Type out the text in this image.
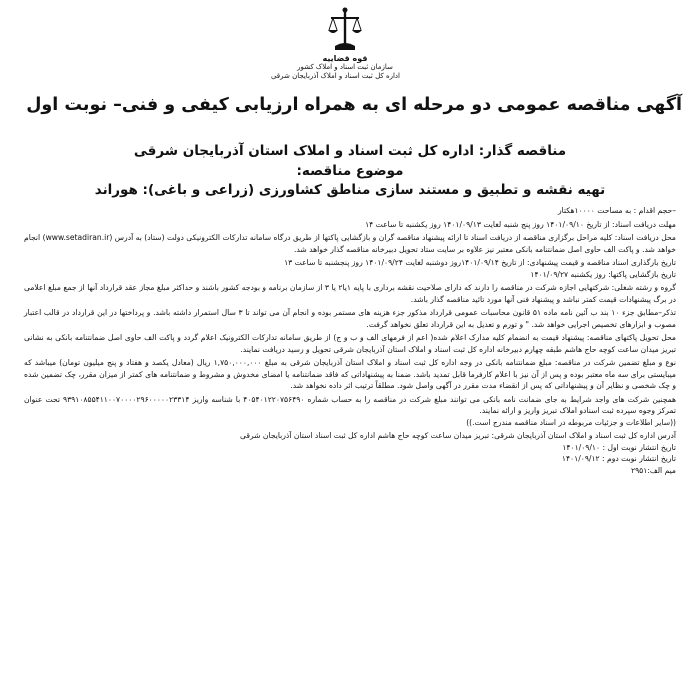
قوه قضاییه
سازمان ثبت اسناد و املاک کشور
اداره کل ثبت اسناد و املاک آذربایجان شرقی
آگهی مناقصه عمومی دو مرحله ای به همراه ارزیابی کیفی و فنی– نوبت اول
مناقصه گذار: اداره کل ثبت اسناد و املاک استان آذربایجان شرقی
موضوع مناقصه:
تهیه نقشه و تطبیق و مستند سازی مناطق کشاورزی (زراعی و باغی): هوراند

–حجم اقدام : به مساحت ۱۰۰۰۰هکتار

مهلت دریافت اسناد: از تاریخ ۱۴۰۱/۰۹/۱۰ روز پنج شنبه لغایت ۱۴۰۱/۰۹/۱۳ روز یکشنبه تا ساعت ۱۴

محل دریافت اسناد: کلیه مراحل برگزاری مناقصه از دریافت اسناد تا ارائه پیشنهاد مناقصه گران و بازگشایی پاکتها از طریق درگاه سامانه تدارکات الکترونیکی دولت (ستاد) به آدرس (www.setadiran.ir) انجام خواهد شد. و پاکت الف حاوی اصل ضمانتنامه بانکی معتبر نیز علاوه بر سایت ستاد تحویل دبیرخانه مناقصه گذار خواهد شد.

تاریخ بارگذاری اسناد مناقصه و قیمت پیشنهادی: از تاریخ ۱۴۰۱/۰۹/۱۴روز دوشنبه لغایت ۱۴۰۱/۰۹/۲۴ روز پنجشنبه تا ساعت ۱۳

تاریخ بازگشایی پاکتها: روز یکشنبه ۱۴۰۱/۰۹/۲۷

گروه و رشته شغلی: شرکتهایی اجازه شرکت در مناقصه را دارند که دارای صلاحیت نقشه برداری با پایه ۱یا۲ یا ۳ از سازمان برنامه و بودجه کشور باشند و حداکثر مبلغ مجاز عقد قرارداد آنها از جمع مبلغ اعلامی در برگ پیشنهادات قیمت کمتر نباشد و پیشنهاد فنی آنها مورد تائید مناقصه گذار باشد.

تذکر–مطابق جزء ۱۰ بند ب آئین نامه ماده ۵۱ قانون محاسبات عمومی قرارداد مذکور جزء هزینه های مستمر بوده و انجام آن می تواند تا ۳ سال استمرار داشته باشد. و پرداختها در این قرارداد در قالب اعتبار مصوب و ابزارهای تخصیص اجرایی خواهد شد. " و تورم و تعدیل به این قرارداد تعلق نخواهد گرفت.

محل تحویل پاکتهای مناقصه: پیشنهاد قیمت به انضمام کلیه مدارک اعلام شده( اعم از فرمهای الف و ب و ج) از طریق سامانه تدارکات الکترونیک اعلام گردد و پاکت الف حاوی اصل ضمانتنامه بانکی به نشانی تبریز میدان ساعت کوچه حاج هاشم طبقه چهارم دبیرخانه اداره کل ثبت اسناد و املاک استان آذربایجان شرقی تحویل و رسید دریافت نمایند.

نوع و مبلغ تضمین شرکت در مناقصه: مبلغ ضمانتنامه بانکی در وجه اداره کل ثبت اسناد و املاک استان آذربایجان شرقی به مبلغ ۱,۷۵۰,۰۰۰,۰۰۰ ریال (معادل یکصد و هفتاد و پنج میلیون تومان) میباشد که میبایستی برای سه ماه معتبر بوده و پس از آن نیز با اعلام کارفرما قابل تمدید باشد. ضمنا به پیشنهاداتی که فاقد ضمانتنامه یا امضای مخدوش و مشروط و ضمانتنامه های کمتر از میزان مقرر، چک تضمین شده و چک شخصی و نظایر آن و پیشنهاداتی که پس از انقضاء مدت مقرر در آگهی واصل شود. مطلقاً ترتیب اثر داده نخواهد شد.

همچنین شرکت های واجد شرایط به جای ضمانت نامه بانکی می توانند مبلغ شرکت در مناقصه را به حساب شماره ۴۰۵۴۰۱۲۲۰۷۵۶۴۹۰ با شناسه واریز ۹۳۹۱۰۸۵۵۴۱۱۰۰۷۰۰۰۰۲۹۶۰۰۰۰۰۲۳۳۱۴ تحت عنوان تمرکز وجوه سپرده ثبت اسنادو املاک تبریز واریز و ارائه نمایند.

((سایر اطلاعات و جزئیات مربوطه در اسناد مناقصه مندرج است.))

آدرس اداره کل ثبت اسناد و املاک استان آذربایجان شرقی: تبریز میدان ساعت کوچه حاج هاشم اداره کل ثبت اسناد استان آذربایجان شرقی

تاریخ انتشار نوبت اول : ۱۴۰۱/۰۹/۱۰

تاریخ انتشار نوبت دوم : ۱۴۰۱/۰۹/۱۲

میم الف:۲۹۵۱
